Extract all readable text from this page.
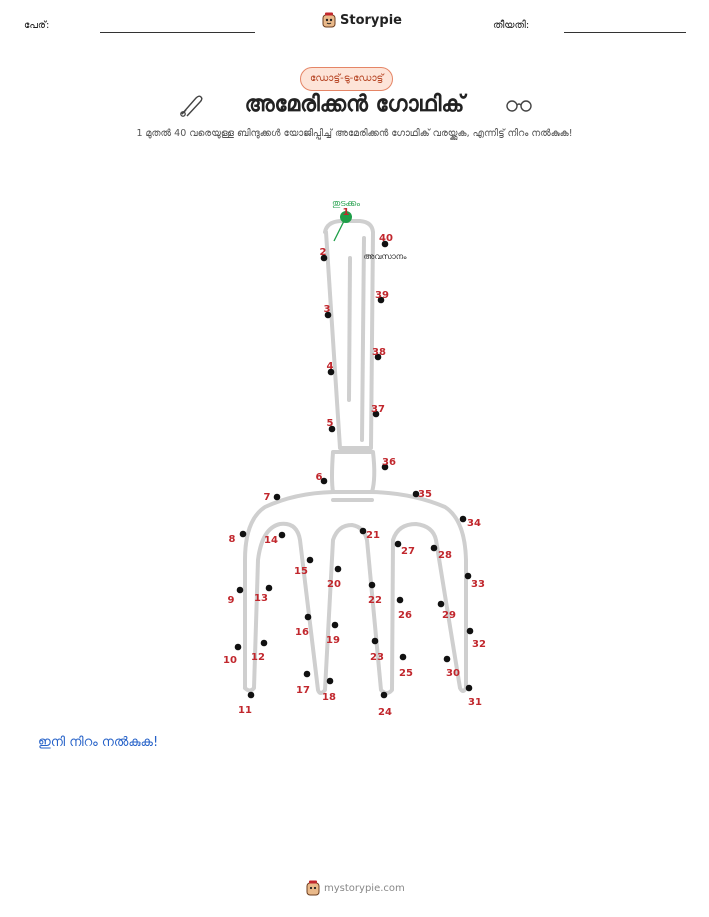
പേര്:	Storypie	തീയതി:
ഡോട്ട്-ടു-ഡോട്ട്
അമേരിക്കൻ ഗോഥിക്
1 മുതൽ 40 വരെയുള്ള ബിന്ദുക്കൾ യോജിപ്പിച്ച് അമേരിക്കൻ ഗോഥിക് വരയ്ക്കുക, എന്നിട്ട് നിറം നൽകുക!
തുടക്കം
അവസാനം
1
2
3
4
5
6
7
8
9
10
11
12
13
14
15
16
17
18
19
20
21
22
23
24
25
26
27 28
29
30
31
32
33
34
35
36
37
38
39
40
ഇനി നിറം നൽകുക!
mystorypie.com
